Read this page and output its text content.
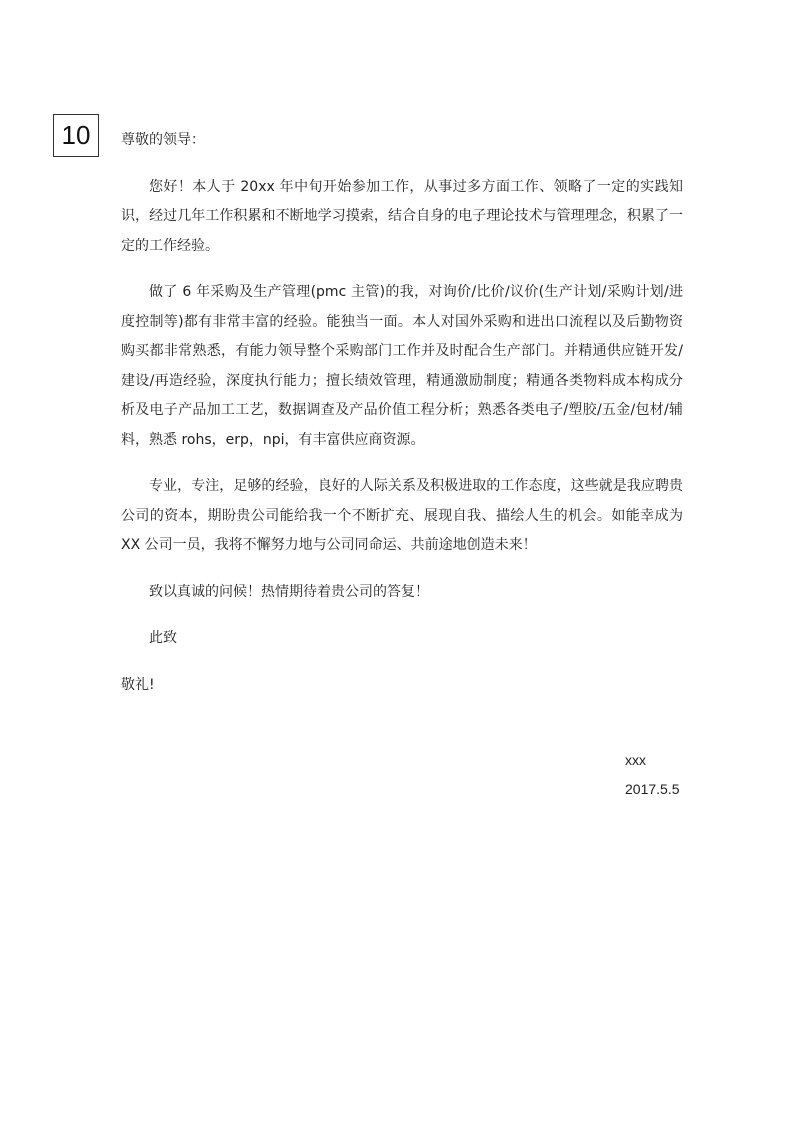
10 尊敬的领导：

您好！本人于 20xx 年中旬开始参加工作，从事过多方面工作、领略了一定的实践知识，经过几年工作积累和不断地学习摸索，结合自身的电子理论技术与管理理念，积累了一定的工作经验。

做了 6 年采购及生产管理(pmc 主管)的我，对询价/比价/议价(生产计划/采购计划/进度控制等)都有非常丰富的经验。能独当一面。本人对国外采购和进出口流程以及后勤物资购买都非常熟悉，有能力领导整个采购部门工作并及时配合生产部门。并精通供应链开发/建设/再造经验，深度执行能力；擅长绩效管理，精通激励制度；精通各类物料成本构成分析及电子产品加工工艺，数据调查及产品价值工程分析；熟悉各类电子/塑胶/五金/包材/辅料，熟悉 rohs，erp，npi，有丰富供应商资源。

专业，专注，足够的经验，良好的人际关系及积极进取的工作态度，这些就是我应聘贵公司的资本，期盼贵公司能给我一个不断扩充、展现自我、描绘人生的机会。如能幸成为 XX 公司一员，我将不懈努力地与公司同命运、共前途地创造未来！

致以真诚的问候！热情期待着贵公司的答复！

此致

敬礼!

xxx
2017.5.5
